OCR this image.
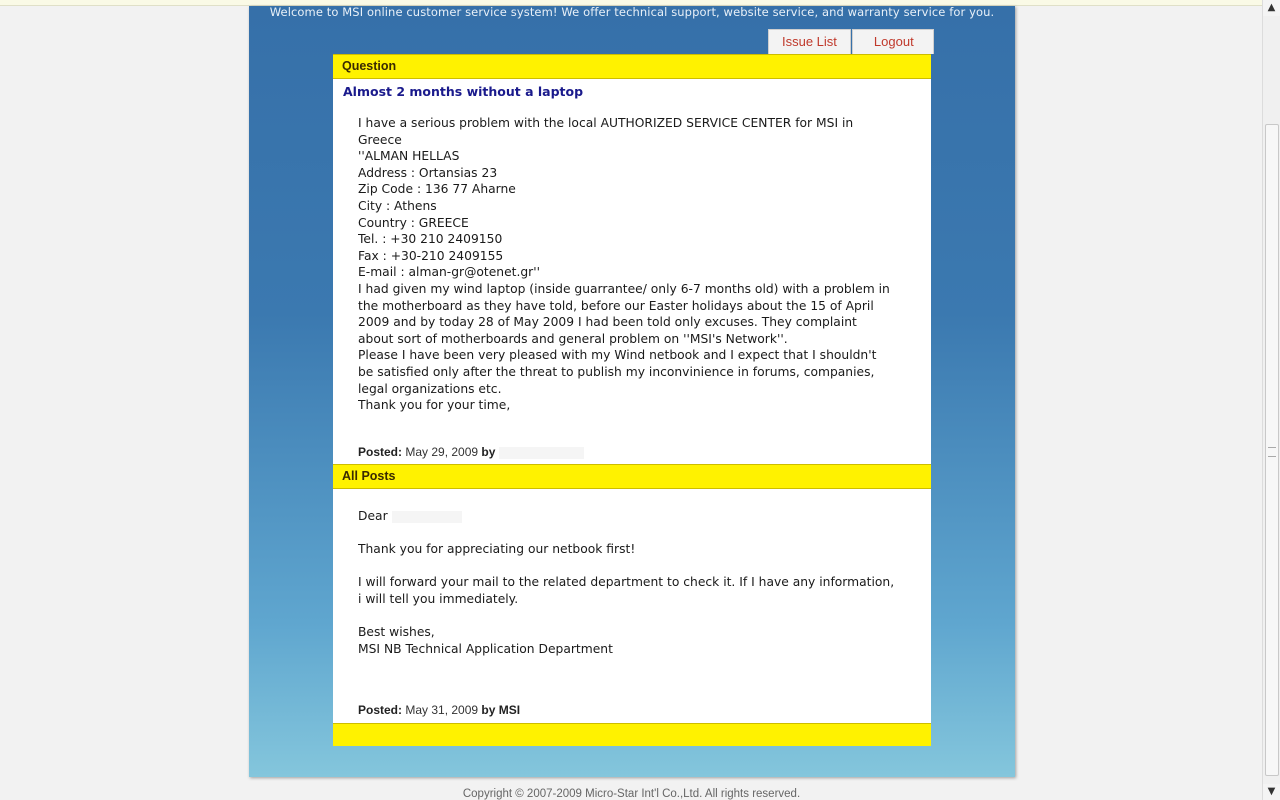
Welcome to MSI online customer service system! We offer technical support, website service, and warranty service for you.
Issue List	Logout
Question
Almost 2 months without a laptop
I have a serious problem with the local AUTHORIZED SERVICE CENTER for MSI in
Greece
''ALMAN HELLAS
Address : Ortansias 23
Zip Code : 136 77 Aharne
City : Athens
Country : GREECE
Tel. : +30 210 2409150
Fax : +30-210 2409155
E-mail : alman-gr@otenet.gr''
I had given my wind laptop (inside guarrantee/ only 6-7 months old) with a problem in
the motherboard as they have told, before our Easter holidays about the 15 of April
2009 and by today 28 of May 2009 I had been told only excuses. They complaint
about sort of motherboards and general problem on ''MSI's Network''.
Please I have been very pleased with my Wind netbook and I expect that I shouldn't
be satisfied only after the threat to publish my inconvinience in forums, companies,
legal organizations etc.
Thank you for your time,
Posted: May 29, 2009 by
All Posts
Dear
Thank you for appreciating our netbook first!
I will forward your mail to the related department to check it. If I have any information,
i will tell you immediately.
Best wishes,
MSI NB Technical Application Department
Posted: May 31, 2009 by MSI
Copyright © 2007-2009 Micro-Star Int'l Co.,Ltd. All rights reserved.
▲
▼
